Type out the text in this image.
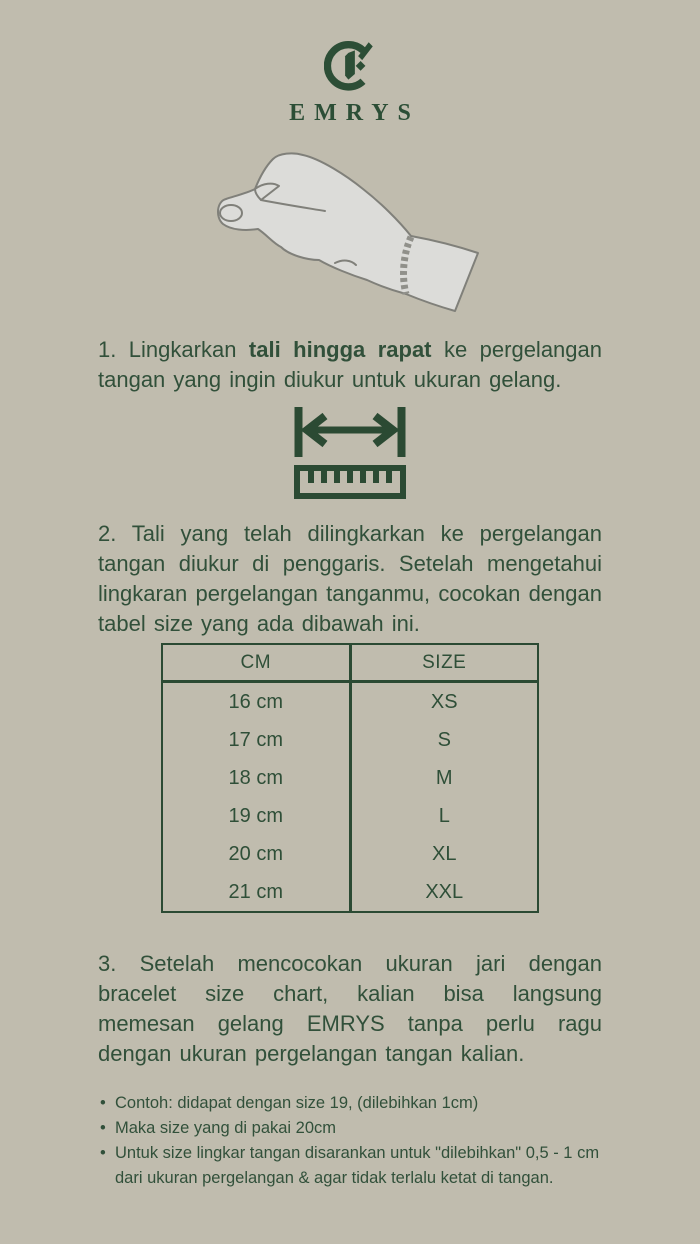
EMRYS

1. Lingkarkan tali hingga rapat ke pergelangan tangan yang ingin diukur untuk ukuran gelang.

2. Tali yang telah dilingkarkan ke pergelangan tangan diukur di penggaris. Setelah mengetahui lingkaran pergelangan tanganmu, cocokan dengan tabel size yang ada dibawah ini.

CM	SIZE
16 cm	XS
17 cm	S
18 cm	M
19 cm	L
20 cm	XL
21 cm	XXL

3. Setelah mencocokan ukuran jari dengan bracelet size chart, kalian bisa langsung memesan gelang EMRYS tanpa perlu ragu dengan ukuran pergelangan tangan kalian.

• Contoh: didapat dengan size 19, (dilebihkan 1cm)
• Maka size yang di pakai 20cm
• Untuk size lingkar tangan disarankan untuk "dilebihkan" 0,5 - 1 cm dari ukuran pergelangan & agar tidak terlalu ketat di tangan.
